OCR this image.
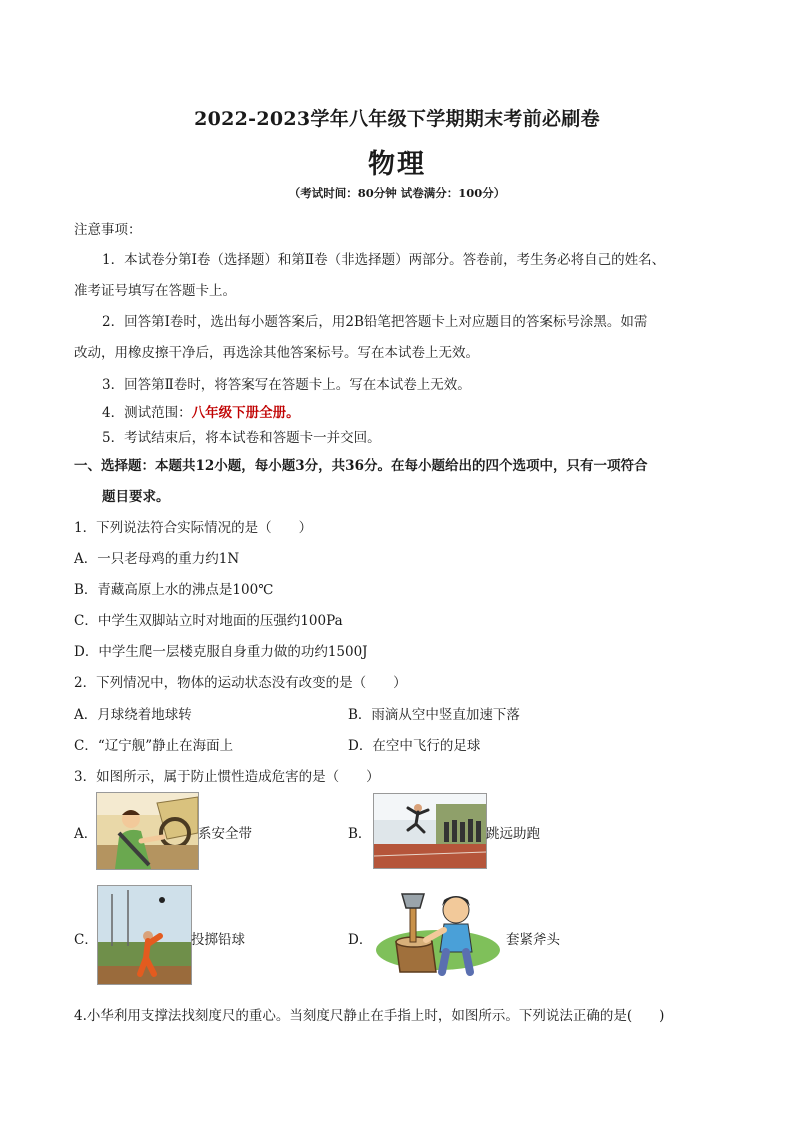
2022-2023学年八年级下学期期末考前必刷卷
物理
（考试时间：80分钟 试卷满分：100分）
注意事项：
1．本试卷分第Ⅰ卷（选择题）和第Ⅱ卷（非选择题）两部分。答卷前，考生务必将自己的姓名、
准考证号填写在答题卡上。
2．回答第Ⅰ卷时，选出每小题答案后，用2B铅笔把答题卡上对应题目的答案标号涂黑。如需
改动，用橡皮擦干净后，再选涂其他答案标号。写在本试卷上无效。
3．回答第Ⅱ卷时，将答案写在答题卡上。写在本试卷上无效。
4．测试范围：八年级下册全册。
5．考试结束后，将本试卷和答题卡一并交回。
一、选择题：本题共12小题，每小题3分，共36分。在每小题给出的四个选项中，只有一项符合
题目要求。
1．下列说法符合实际情况的是（　　）
A．一只老母鸡的重力约1N
B．青藏高原上水的沸点是100℃
C．中学生双脚站立时对地面的压强约100Pa
D．中学生爬一层楼克服自身重力做的功约1500J
2．下列情况中，物体的运动状态没有改变的是（　　）
A．月球绕着地球转	B．雨滴从空中竖直加速下落
C．“辽宁舰”静止在海面上	D．在空中飞行的足球
3．如图所示，属于防止惯性造成危害的是（　　）
A．	系安全带	B．	跳远助跑
C．	投掷铅球	D．	套紧斧头
4.小华利用支撑法找刻度尺的重心。当刻度尺静止在手指上时，如图所示。下列说法正确的是(　　)
